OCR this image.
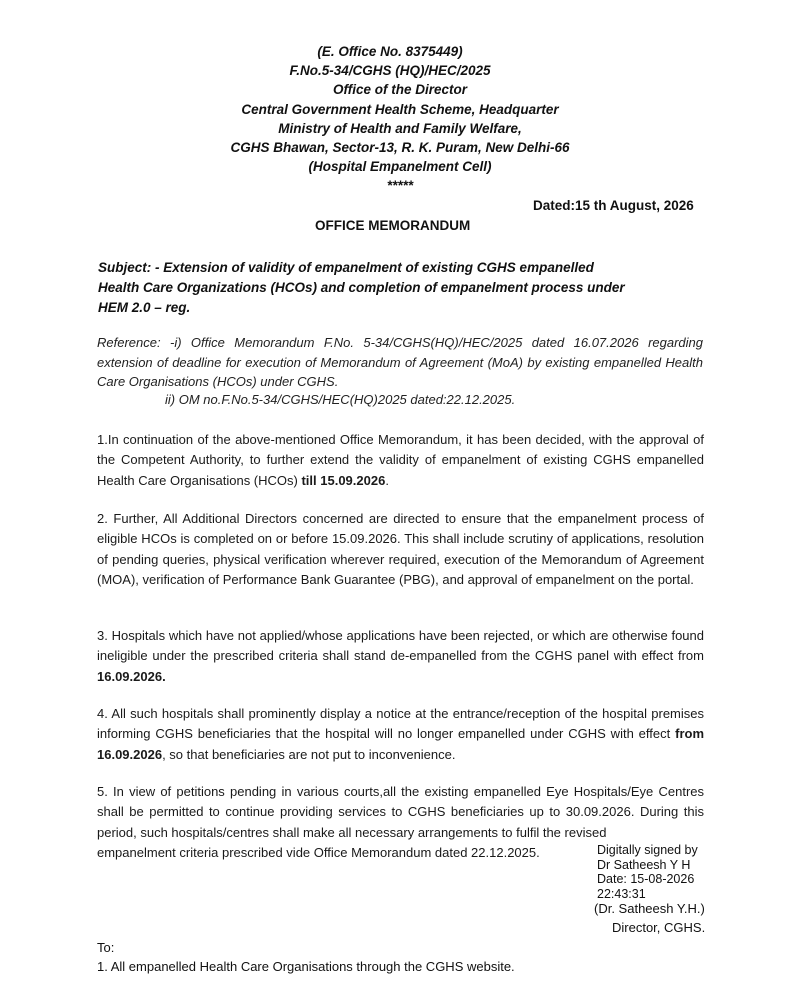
(E. Office No. 8375449)
F.No.5-34/CGHS (HQ)/HEC/2025
Office of the Director
Central Government Health Scheme, Headquarter
Ministry of Health and Family Welfare,
CGHS Bhawan, Sector-13, R. K. Puram, New Delhi-66
(Hospital Empanelment Cell)
*****
Dated:15 th August, 2026
OFFICE MEMORANDUM
Subject: - Extension of validity of empanelment of existing CGHS empanelled Health Care Organizations (HCOs) and completion of empanelment process under HEM 2.0 – reg.
Reference: -i) Office Memorandum F.No. 5-34/CGHS(HQ)/HEC/2025 dated 16.07.2026 regarding extension of deadline for execution of Memorandum of Agreement (MoA) by existing empanelled Health Care Organisations (HCOs) under CGHS.
ii) OM no.F.No.5-34/CGHS/HEC(HQ)2025 dated:22.12.2025.
1.In continuation of the above-mentioned Office Memorandum, it has been decided, with the approval of the Competent Authority, to further extend the validity of empanelment of existing CGHS empanelled Health Care Organisations (HCOs) till 15.09.2026.
2. Further, All Additional Directors concerned are directed to ensure that the empanelment process of eligible HCOs is completed on or before 15.09.2026. This shall include scrutiny of applications, resolution of pending queries, physical verification wherever required, execution of the Memorandum of Agreement (MOA), verification of Performance Bank Guarantee (PBG), and approval of empanelment on the portal.
3. Hospitals which have not applied/whose applications have been rejected, or which are otherwise found ineligible under the prescribed criteria shall stand de-empanelled from the CGHS panel with effect from 16.09.2026.
4. All such hospitals shall prominently display a notice at the entrance/reception of the hospital premises informing CGHS beneficiaries that the hospital will no longer empanelled under CGHS with effect from 16.09.2026, so that beneficiaries are not put to inconvenience.
5. In view of petitions pending in various courts,all the existing empanelled Eye Hospitals/Eye Centres shall be permitted to continue providing services to CGHS beneficiaries up to 30.09.2026. During this period, such hospitals/centres shall make all necessary arrangements to fulfil the revised
empanelment criteria prescribed vide Office Memorandum dated 22.12.2025.	Digitally signed by
Dr Satheesh Y H
Date: 15-08-2026
22:43:31
(Dr. Satheesh Y.H.)
Director, CGHS.
To:
1. All empanelled Health Care Organisations through the CGHS website.
